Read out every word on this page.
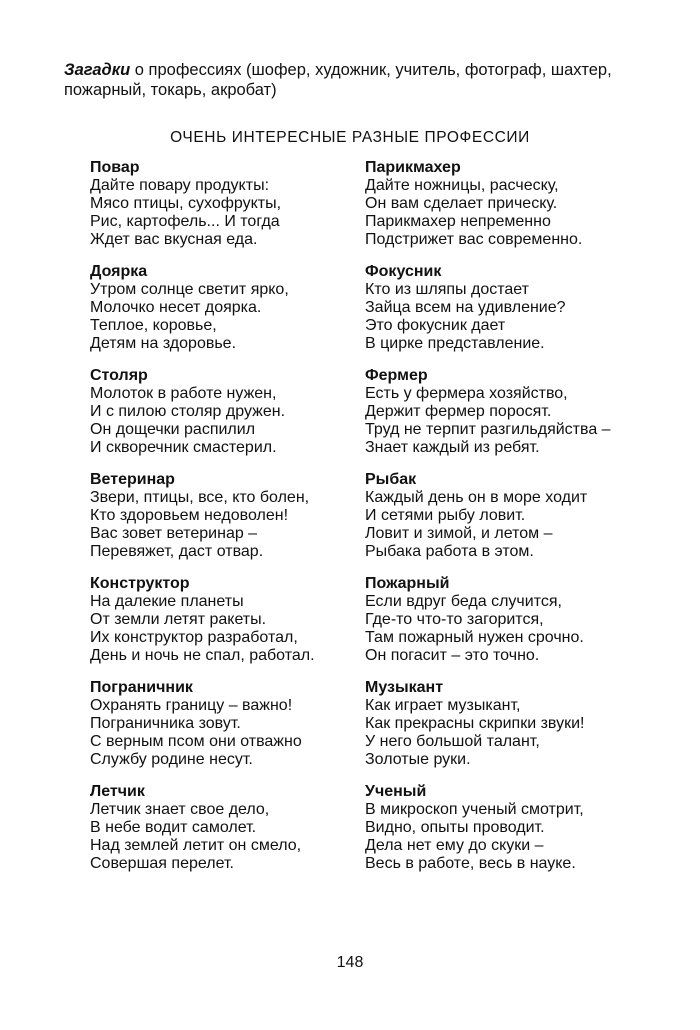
Загадки о профессиях (шофер, художник, учитель, фотограф, шахтер, пожарный, токарь, акробат)
ОЧЕНЬ ИНТЕРЕСНЫЕ РАЗНЫЕ ПРОФЕССИИ
Повар
Дайте повару продукты:
Мясо птицы, сухофрукты,
Рис, картофель... И тогда
Ждет вас вкусная еда.
Доярка
Утром солнце светит ярко,
Молочко несет доярка.
Теплое, коровье,
Детям на здоровье.
Столяр
Молоток в работе нужен,
И с пилою столяр дружен.
Он дощечки распилил
И скворечник смастерил.
Ветеринар
Звери, птицы, все, кто болен,
Кто здоровьем недоволен!
Вас зовет ветеринар –
Перевяжет, даст отвар.
Конструктор
На далекие планеты
От земли летят ракеты.
Их конструктор разработал,
День и ночь не спал, работал.
Пограничник
Охранять границу – важно!
Пограничника зовут.
С верным псом они отважно
Службу родине несут.
Летчик
Летчик знает свое дело,
В небе водит самолет.
Над землей летит он смело,
Совершая перелет.
Парикмахер
Дайте ножницы, расческу,
Он вам сделает прическу.
Парикмахер непременно
Подстрижет вас современно.
Фокусник
Кто из шляпы достает
Зайца всем на удивление?
Это фокусник дает
В цирке представление.
Фермер
Есть у фермера хозяйство,
Держит фермер поросят.
Труд не терпит разгильдяйства –
Знает каждый из ребят.
Рыбак
Каждый день он в море ходит
И сетями рыбу ловит.
Ловит и зимой, и летом –
Рыбака работа в этом.
Пожарный
Если вдруг беда случится,
Где-то что-то загорится,
Там пожарный нужен срочно.
Он погасит – это точно.
Музыкант
Как играет музыкант,
Как прекрасны скрипки звуки!
У него большой талант,
Золотые руки.
Ученый
В микроскоп ученый смотрит,
Видно, опыты проводит.
Дела нет ему до скуки –
Весь в работе, весь в науке.
148
